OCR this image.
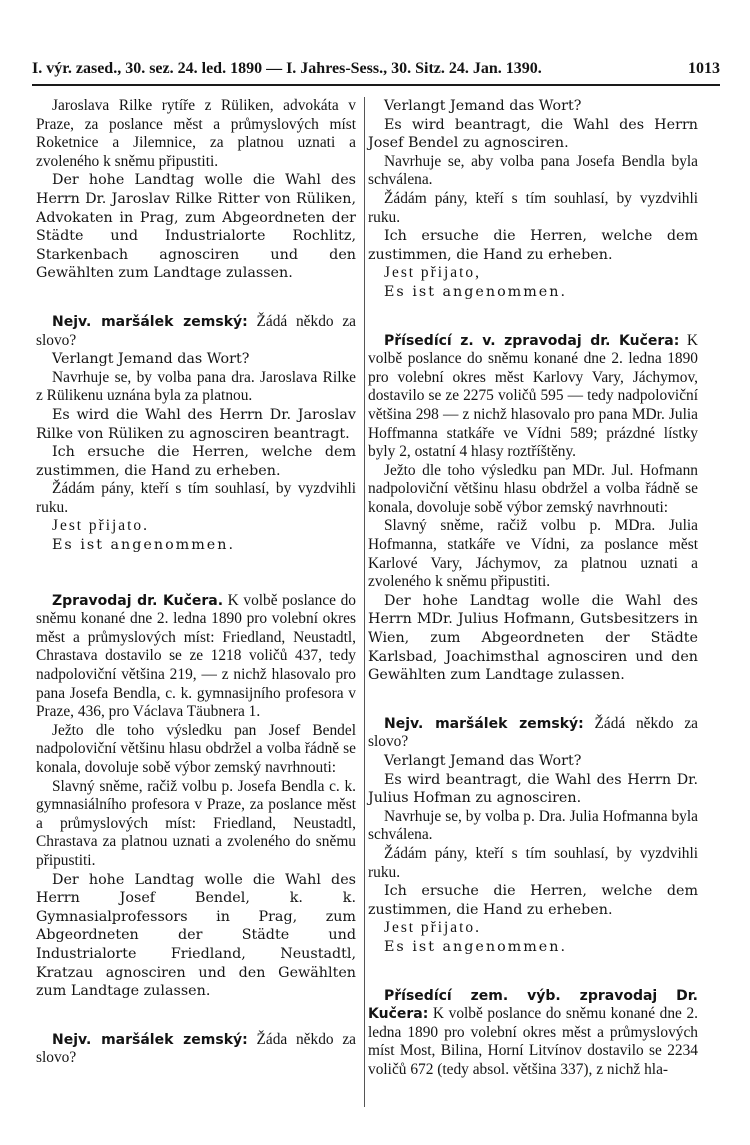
I. výr. zased., 30. sez. 24. led. 1890 — I. Jahres-Sess., 30. Sitz. 24. Jan. 1390.	1013

Jaroslava Rilke rytíře z Rüliken, advokáta v Praze, za poslance měst a průmyslových míst Roketnice a Jilemnice, za platnou uznati a zvoleného k sněmu připustiti.

Der hohe Landtag wolle die Wahl des Herrn Dr. Jaroslav Rilke Ritter von Rüliken, Advokaten in Prag, zum Abgeordneten der Städte und Industrialorte Rochlitz, Starkenbach agnosciren und den Gewählten zum Landtage zulassen.

Nejv. maršálek zemský: Žádá někdo za slovo?

Verlangt Jemand das Wort?

Navrhuje se, by volba pana dra. Jaroslava Rilke z Rülikenu uznána byla za platnou.

Es wird die Wahl des Herrn Dr. Jaroslav Rilke von Rüliken zu agnosciren beantragt.

Ich ersuche die Herren, welche dem zustimmen, die Hand zu erheben.

Žádám pány, kteří s tím souhlasí, by vyzdvihli ruku.

Jest přijato.

Es ist angenommen.

Zpravodaj dr. Kučera. K volbě poslance do sněmu konané dne 2. ledna 1890 pro volební okres měst a průmyslových míst: Friedland, Neustadtl, Chrastava dostavilo se ze 1218 voličů 437, tedy nadpoloviční většina 219, — z nichž hlasovalo pro pana Josefa Bendla, c. k. gymnasijního profesora v Praze, 436, pro Václava Täubnera 1.

Ježto dle toho výsledku pan Josef Bendel nadpoloviční většinu hlasu obdržel a volba řádně se konala, dovoluje sobě výbor zemský navrhnouti:

Slavný sněme, račiž volbu p. Josefa Bendla c. k. gymnasiálního profesora v Praze, za poslance měst a průmyslových míst: Friedland, Neustadtl, Chrastava za platnou uznati a zvoleného do sněmu připustiti.

Der hohe Landtag wolle die Wahl des Herrn Josef Bendel, k. k. Gymnasialprofessors in Prag, zum Abgeordneten der Städte und Industrialorte Friedland, Neustadtl, Kratzau agnosciren und den Gewählten zum Landtage zulassen.

Nejv. maršálek zemský: Žáda někdo za slovo?

Verlangt Jemand das Wort?

Es wird beantragt, die Wahl des Herrn Josef Bendel zu agnosciren.

Navrhuje se, aby volba pana Josefa Bendla byla schválena.

Žádám pány, kteří s tím souhlasí, by vyzdvihli ruku.

Ich ersuche die Herren, welche dem zustimmen, die Hand zu erheben.

Jest přijato,

Es ist angenommen.

Přísedící z. v. zpravodaj dr. Kučera: K volbě poslance do sněmu konané dne 2. ledna 1890 pro volební okres měst Karlovy Vary, Jáchymov, dostavilo se ze 2275 voličů 595 — tedy nadpoloviční většina 298 — z nichž hlasovalo pro pana MDr. Julia Hoffmanna statkáře ve Vídni 589; prázdné lístky byly 2, ostatní 4 hlasy roztříštěny.

Ježto dle toho výsledku pan MDr. Jul. Hofmann nadpoloviční většinu hlasu obdržel a volba řádně se konala, dovoluje sobě výbor zemský navrhnouti:

Slavný sněme, račiž volbu p. MDra. Julia Hofmanna, statkáře ve Vídni, za poslance měst Karlové Vary, Jáchymov, za platnou uznati a zvoleného k sněmu připustiti.

Der hohe Landtag wolle die Wahl des Herrn MDr. Julius Hofmann, Gutsbesitzers in Wien, zum Abgeordneten der Städte Karlsbad, Joachimsthal agnosciren und den Gewählten zum Landtage zulassen.

Nejv. maršálek zemský: Žádá někdo za slovo?

Verlangt Jemand das Wort?

Es wird beantragt, die Wahl des Herrn Dr. Julius Hofman zu agnosciren.

Navrhuje se, by volba p. Dra. Julia Hofmanna byla schválena.

Žádám pány, kteří s tím souhlasí, by vyzdvihli ruku.

Ich ersuche die Herren, welche dem zustimmen, die Hand zu erheben.

Jest přijato.

Es ist angenommen.

Přísedící zem. výb. zpravodaj Dr. Kučera: K volbě poslance do sněmu konané dne 2. ledna 1890 pro volební okres měst a průmyslových míst Most, Bilina, Horní Litvínov dostavilo se 2234 voličů 672 (tedy absol. většina 337), z nichž hla-
